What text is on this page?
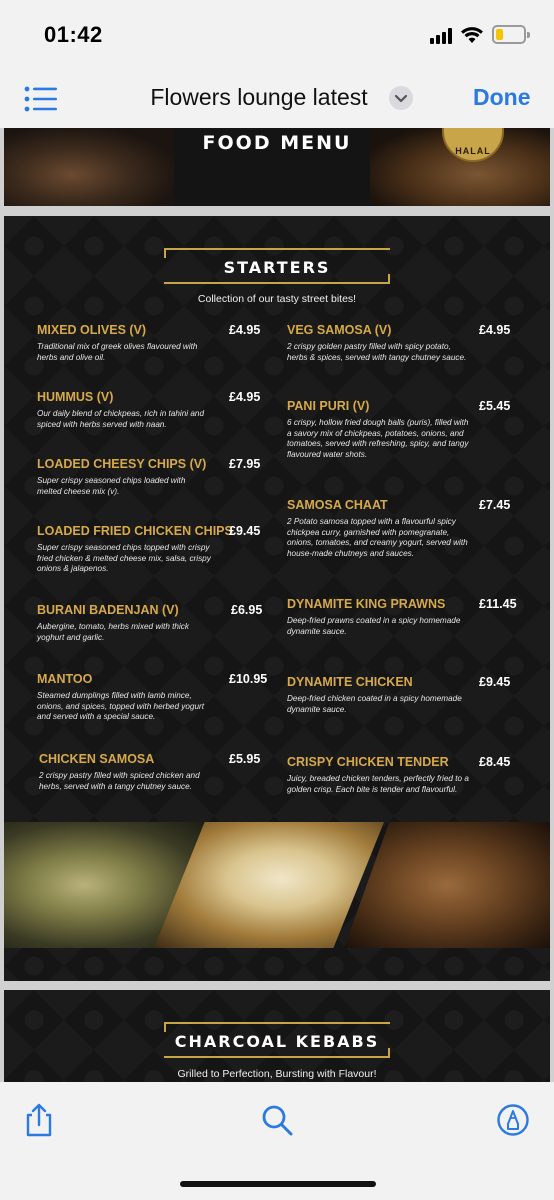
01:42
Flowers lounge latest	Done
FOOD MENU	HALAL
STARTERS
Collection of our tasty street bites!
MIXED OLIVES (V)	£4.95
Traditional mix of greek olives flavoured with herbs and olive oil.
HUMMUS (V)	£4.95
Our daily blend of chickpeas, rich in tahini and spiced with herbs served with naan.
LOADED CHEESY CHIPS (V) £7.95
Super crispy seasoned chips loaded with melted cheese mix (v).
LOADED FRIED CHICKEN CHIPS
£9.45
Super crispy seasoned chips topped with crispy fried chicken & melted cheese mix, salsa, crispy onions & jalapenos.
BURANI BADENJAN (V)	£6.95
Aubergine, tomato, herbs mixed with thick yoghurt and garlic.
MANTOO	£10.95
Steamed dumplings filled with lamb mince, onions, and spices, topped with herbed yogurt and served with a special sauce.
CHICKEN SAMOSA	£5.95
2 crispy pastry filled with spiced chicken and herbs, served with a tangy chutney sauce.
VEG SAMOSA (V)	£4.95
2 crispy golden pastry filled with spicy potato, herbs & spices, served with tangy chutney sauce.
PANI PURI (V)	£5.45
6 crispy, hollow fried dough balls (puris), filled with a savory mix of chickpeas, potatoes, onions, and tomatoes, served with refreshing, spicy, and tangy flavoured water shots.
SAMOSA CHAAT	£7.45
2 Potato samosa topped with a flavourful spicy chickpea curry, garnished with pomegranate, onions, tomatoes, and creamy yogurt, served with house-made chutneys and sauces.
DYNAMITE KING PRAWNS	£11.45
Deep-fried prawns coated in a spicy homemade dynamite sauce.
DYNAMITE CHICKEN	£9.45
Deep-fried chicken coated in a spicy homemade dynamite sauce.
CRISPY CHICKEN TENDER £8.45
Juicy, breaded chicken tenders, perfectly fried to a golden crisp. Each bite is tender and flavourful.
CHARCOAL KEBABS
Grilled to Perfection, Bursting with Flavour!
